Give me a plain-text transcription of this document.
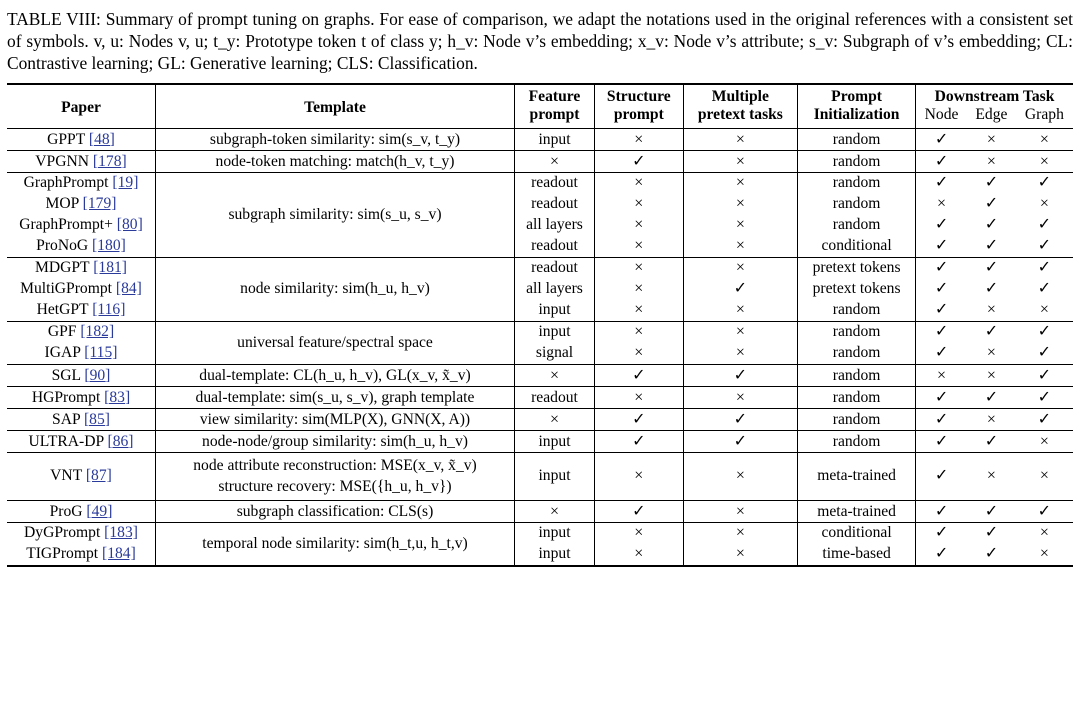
TABLE VIII: Summary of prompt tuning on graphs. For ease of comparison, we adapt the notations used in the original references with a consistent set of symbols. v, u: Nodes v, u; t_y: Prototype token t of class y; h_v: Node v’s embedding; x_v: Node v’s attribute; s_v: Subgraph of v’s embedding; CL: Contrastive learning; GL: Generative learning; CLS: Classification.

Paper	Template	Feature	Structure	Multiple	Prompt	Downstream Task		
		prompt	prompt	pretext tasks	Initialization	Node	Edge	Graph
GPPT [48]	subgraph-token similarity: sim(s_v, t_y)	input	×	×	random	✓	×	×
VPGNN [178]	node-token matching: match(h_v, t_y)	×	✓	×	random	✓	×	×
GraphPrompt [19]	subgraph similarity: sim(s_u, s_v)	readout	×	×	random	✓	✓	✓
MOP [179]		readout	×	×	random	×	✓	×
GraphPrompt+ [80]		all layers	×	×	random	✓	✓	✓
ProNoG [180]		readout	×	×	conditional	✓	✓	✓
MDGPT [181]	node similarity: sim(h_u, h_v)	readout	×	×	pretext tokens	✓	✓	✓
MultiGPrompt [84]		all layers	×	✓	pretext tokens	✓	✓	✓
HetGPT [116]		input	×	×	random	✓	×	×
GPF [182]	universal feature/spectral space	input	×	×	random	✓	✓	✓
IGAP [115]		signal	×	×	random	✓	×	✓
SGL [90]	dual-template: CL(h_u, h_v), GL(x_v, x̃_v)	×	✓	✓	random	×	×	✓
HGPrompt [83]	dual-template: sim(s_u, s_v), graph template	readout	×	×	random	✓	✓	✓
SAP [85]	view similarity: sim(MLP(X), GNN(X, A))	×	✓	✓	random	✓	×	✓
ULTRA-DP [86]	node-node/group similarity: sim(h_u, h_v)	input	✓	✓	random	✓	✓	×
VNT [87]	node attribute reconstruction: MSE(x_v, x̃_v)
structure recovery: MSE({h_u, h_v})	input	×	×	meta-trained	✓	×	×
ProG [49]	subgraph classification: CLS(s)	×	✓	×	meta-trained	✓	✓	✓
DyGPrompt [183]	temporal node similarity: sim(h_t,u, h_t,v)	input	×	×	conditional	✓	✓	×
TIGPrompt [184]		input	×	×	time-based	✓	✓	×
